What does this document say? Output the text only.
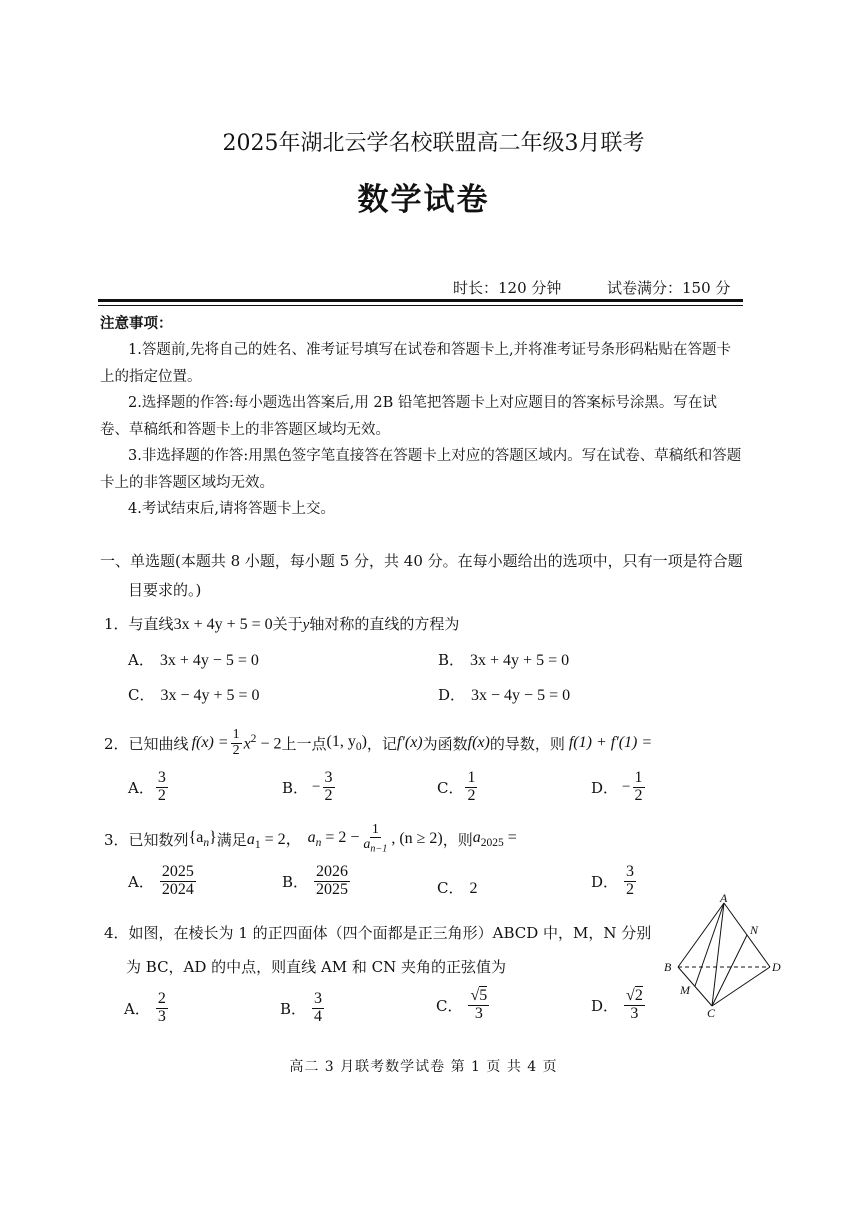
2025年湖北云学名校联盟高二年级3月联考
数学试卷
时长：120 分钟	试卷满分：150 分
注意事项：
1.答题前,先将自己的姓名、准考证号填写在试卷和答题卡上,并将准考证号条形码粘贴在答题卡上的指定位置。
2.选择题的作答:每小题选出答案后,用 2B 铅笔把答题卡上对应题目的答案标号涂黑。写在试卷、草稿纸和答题卡上的非答题区域均无效。
3.非选择题的作答:用黑色签字笔直接答在答题卡上对应的答题区域内。写在试卷、草稿纸和答题卡上的非答题区域均无效。
4.考试结束后,请将答题卡上交。
一、单选题(本题共 8 小题，每小题 5 分，共 40 分。在每小题给出的选项中，只有一项是符合题
目要求的。)
1．与直线3x + 4y + 5 = 0关于y轴对称的直线的方程为
A． 3x + 4y − 5 = 0	B． 3x + 4y + 5 = 0
C． 3x − 4y + 5 = 0	D． 3x − 4y − 5 = 0
2． 已知曲线 $f(x) = \frac{1}{2} x^2 - 2$ 上一点 (1, $y_0$) ，记 f′(x) 为函数 f(x) 的导数，则 f(1) + f′(1) =
A． $\frac{3}{2}$	B． − $\frac{3}{2}$	C． $\frac{1}{2}$	D． − $\frac{1}{2}$
3． 已知数列 $\{a_n\}$ 满足 $a_1 = 2$， $a_n = 2 - \frac{1}{a_{n-1}}$ , (n ≥ 2) ，则 $a_{2025}$ =
A． $\frac{2025}{2024}$	B． $\frac{2026}{2025}$	C． 2	D． $\frac{3}{2}$
4．如图，在棱长为 1 的正四面体（四个面都是正三角形）ABCD 中，M，N 分别
为 BC，AD 的中点，则直线 AM 和 CN 夹角的正弦值为
A． $\frac{2}{3}$	B． $\frac{3}{4}$	C． $\frac{√5}{3}$	D． $\frac{√2}{3}$
A
B
C
D
M
N
高二 3 月联考数学试卷 第 1 页 共 4 页
